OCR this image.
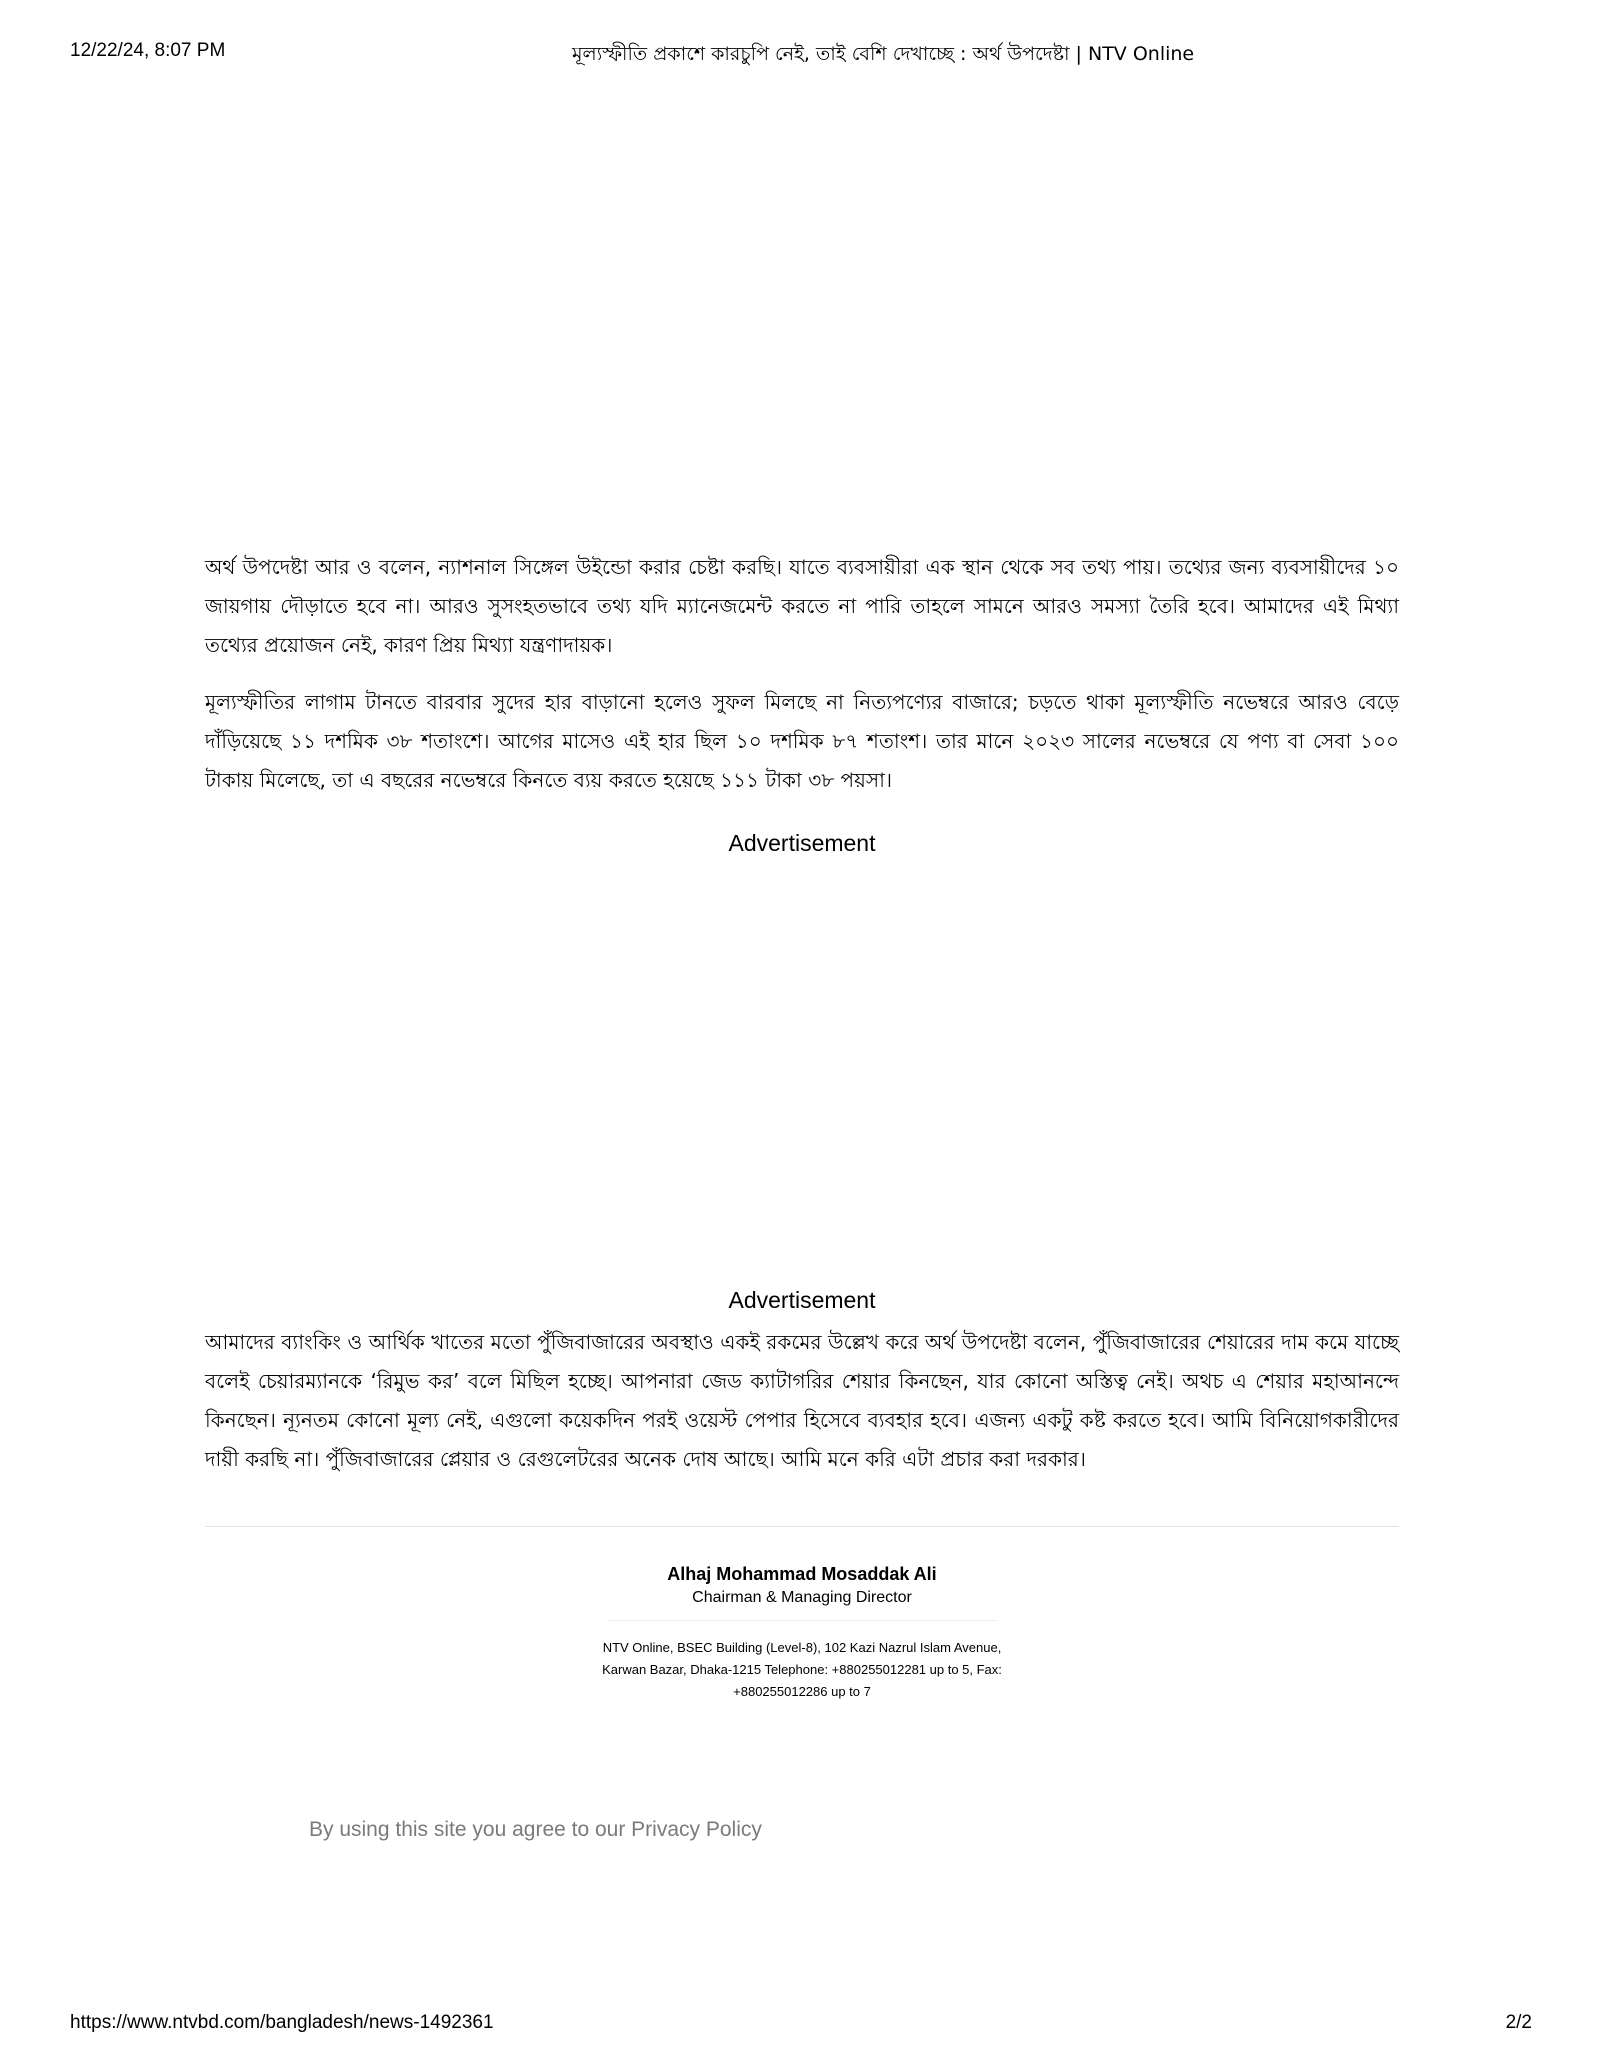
12/22/24, 8:07 PM	মূল্যস্ফীতি প্রকাশে কারচুপি নেই, তাই বেশি দেখাচ্ছে : অর্থ উপদেষ্টা | NTV Online

অর্থ উপদেষ্টা আর ও বলেন, ন্যাশনাল সিঙ্গেল উইন্ডো করার চেষ্টা করছি। যাতে ব্যবসায়ীরা এক স্থান থেকে সব তথ্য পায়। তথ্যের জন্য ব্যবসায়ীদের ১০ জায়গায় দৌড়াতে হবে না। আরও সুসংহতভাবে তথ্য যদি ম্যানেজমেন্ট করতে না পারি তাহলে সামনে আরও সমস্যা তৈরি হবে। আমাদের এই মিথ্যা তথ্যের প্রয়োজন নেই, কারণ প্রিয় মিথ্যা যন্ত্রণাদায়ক।

মূল্যস্ফীতির লাগাম টানতে বারবার সুদের হার বাড়ানো হলেও সুফল মিলছে না নিত্যপণ্যের বাজারে; চড়তে থাকা মূল্যস্ফীতি নভেম্বরে আরও বেড়ে দাঁড়িয়েছে ১১ দশমিক ৩৮ শতাংশে। আগের মাসেও এই হার ছিল ১০ দশমিক ৮৭ শতাংশ। তার মানে ২০২৩ সালের নভেম্বরে যে পণ্য বা সেবা ১০০ টাকায় মিলেছে, তা এ বছরের নভেম্বরে কিনতে ব্যয় করতে হয়েছে ১১১ টাকা ৩৮ পয়সা।

Advertisement
Advertisement

আমাদের ব্যাংকিং ও আর্থিক খাতের মতো পুঁজিবাজারের অবস্থাও একই রকমের উল্লেখ করে অর্থ উপদেষ্টা বলেন, পুঁজিবাজারের শেয়ারের দাম কমে যাচ্ছে বলেই চেয়ারম্যানকে ‘রিমুভ কর’ বলে মিছিল হচ্ছে। আপনারা জেড ক্যাটাগরির শেয়ার কিনছেন, যার কোনো অস্তিত্ব নেই। অথচ এ শেয়ার মহাআনন্দে কিনছেন। ন্যূনতম কোনো মূল্য নেই, এগুলো কয়েকদিন পরই ওয়েস্ট পেপার হিসেবে ব্যবহার হবে। এজন্য একটু কষ্ট করতে হবে। আমি বিনিয়োগকারীদের দায়ী করছি না। পুঁজিবাজারের প্লেয়ার ও রেগুলেটরের অনেক দোষ আছে। আমি মনে করি এটা প্রচার করা দরকার।

Alhaj Mohammad Mosaddak Ali
Chairman & Managing Director
NTV Online, BSEC Building (Level-8), 102 Kazi Nazrul Islam Avenue, Karwan Bazar, Dhaka-1215 Telephone: +880255012281 up to 5, Fax: +880255012286 up to 7
By using this site you agree to our Privacy Policy
https://www.ntvbd.com/bangladesh/news-1492361	2/2
